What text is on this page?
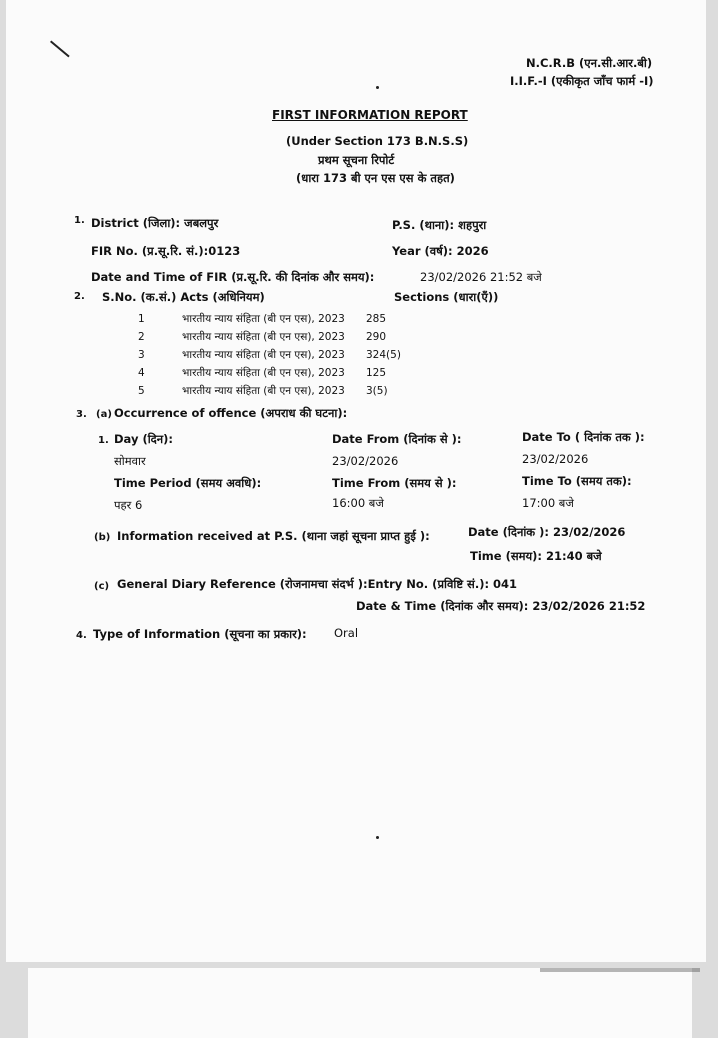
N.C.R.B (एन.सी.आर.बी)
I.I.F.-I (एकीकृत जाँच फार्म -I)
FIRST INFORMATION REPORT
(Under Section 173 B.N.S.S)
प्रथम सूचना रिपोर्ट
(धारा 173 बी एन एस एस के तहत)
1. District (जिला): जबलपुर	P.S. (थाना): शहपुरा
FIR No. (प्र.सू.रि. सं.):0123	Year (वर्ष): 2026
Date and Time of FIR (प्र.सू.रि. की दिनांक और समय):	23/02/2026 21:52 बजे
2. S.No. (क.सं.) Acts (अधिनियम)	Sections (धारा(एँ))
1	भारतीय न्याय संहिता (बी एन एस), 2023 285
2	भारतीय न्याय संहिता (बी एन एस), 2023 290
3	भारतीय न्याय संहिता (बी एन एस), 2023 324(5)
4	भारतीय न्याय संहिता (बी एन एस), 2023 125
5	भारतीय न्याय संहिता (बी एन एस), 2023 3(5)
3. (a) Occurrence of offence (अपराध की घटना):
1. Day (दिन):	Date From (दिनांक से ):	Date To ( दिनांक तक ):
सोमवार	23/02/2026	23/02/2026
Time Period (समय अवधि):	Time From (समय से ):	Time To (समय तक):
पहर 6	16:00 बजे	17:00 बजे
(b) Information received at P.S. (थाना जहां सूचना प्राप्त हुई ):	Date (दिनांक ): 23/02/2026
Time (समय): 21:40 बजे
(c) General Diary Reference (रोजनामचा संदर्भ ):Entry No. (प्रविष्टि सं.): 041
Date & Time (दिनांक और समय): 23/02/2026 21:52
4. Type of Information (सूचना का प्रकार): Oral
